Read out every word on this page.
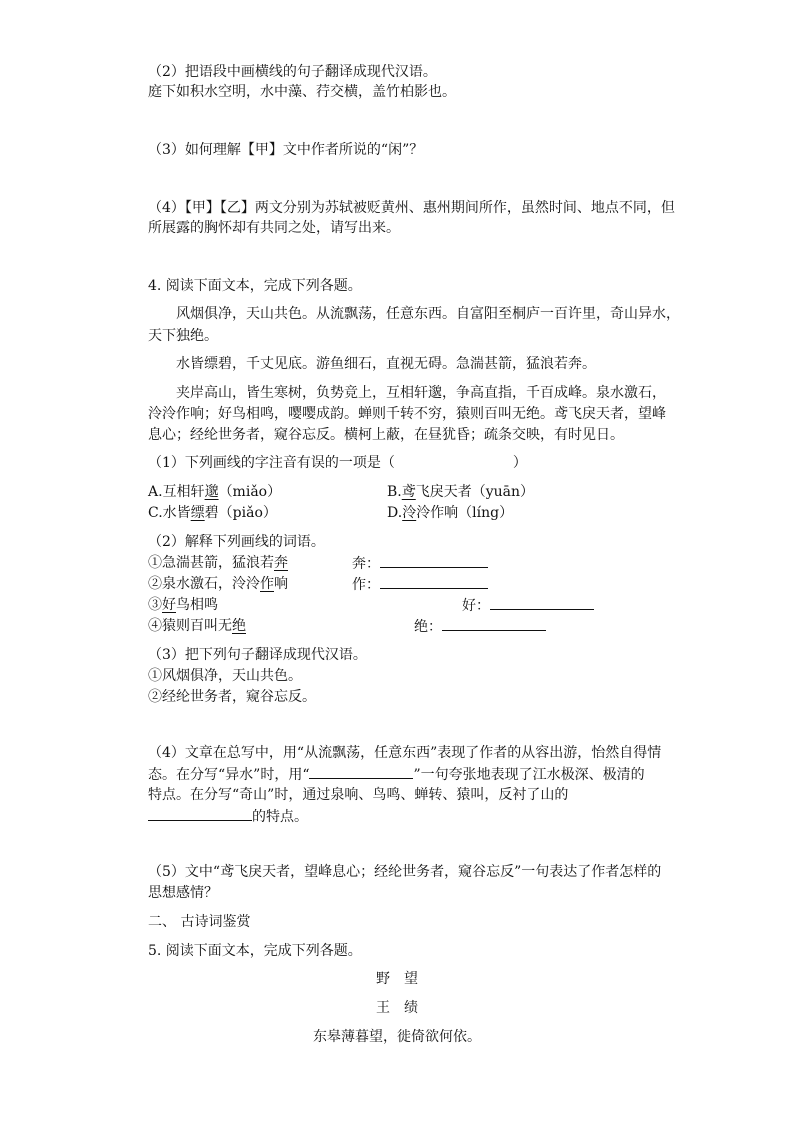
（2）把语段中画横线的句子翻译成现代汉语。
庭下如积水空明，水中藻、荇交横，盖竹柏影也。
（3）如何理解【甲】文中作者所说的“闲”？
（4）【甲】【乙】两文分别为苏轼被贬黄州、惠州期间所作，虽然时间、地点不同，但
所展露的胸怀却有共同之处，请写出来。
4. 阅读下面文本，完成下列各题。
风烟俱净，天山共色。从流飘荡，任意东西。自富阳至桐庐一百许里，奇山异水，
天下独绝。
水皆缥碧，千丈见底。游鱼细石，直视无碍。急湍甚箭，猛浪若奔。
夹岸高山，皆生寒树，负势竞上，互相轩邈，争高直指，千百成峰。泉水激石，
泠泠作响；好鸟相鸣，嘤嘤成韵。蝉则千转不穷，猿则百叫无绝。鸢飞戾天者，望峰
息心；经纶世务者，窥谷忘反。横柯上蔽，在昼犹昏；疏条交映，有时见日。
（1）下列画线的字注音有误的一项是（	）
A.互相轩邈（miǎo）	B.鸢飞戾天者（yuān）
C.水皆缥碧（piǎo）	D.泠泠作响（líng）
（2）解释下列画线的词语。
①急湍甚箭，猛浪若奔	奔：
②泉水激石，泠泠作响	作：
③好鸟相鸣	好：
④猿则百叫无绝	绝：
（3）把下列句子翻译成现代汉语。
①风烟俱净，天山共色。
②经纶世务者，窥谷忘反。
（4）文章在总写中，用“从流飘荡，任意东西”表现了作者的从容出游，怡然自得情
态。在分写“异水”时，用“	”一句夸张地表现了江水极深、极清的
特点。在分写“奇山”时，通过泉响、鸟鸣、蝉转、猿叫，反衬了山的
的特点。
（5）文中“鸢飞戾天者，望峰息心；经纶世务者，窥谷忘反”一句表达了作者怎样的
思想感情？
二、 古诗词鉴赏
5. 阅读下面文本，完成下列各题。
野　望
王　绩
东皋薄暮望，徙倚欲何依。
